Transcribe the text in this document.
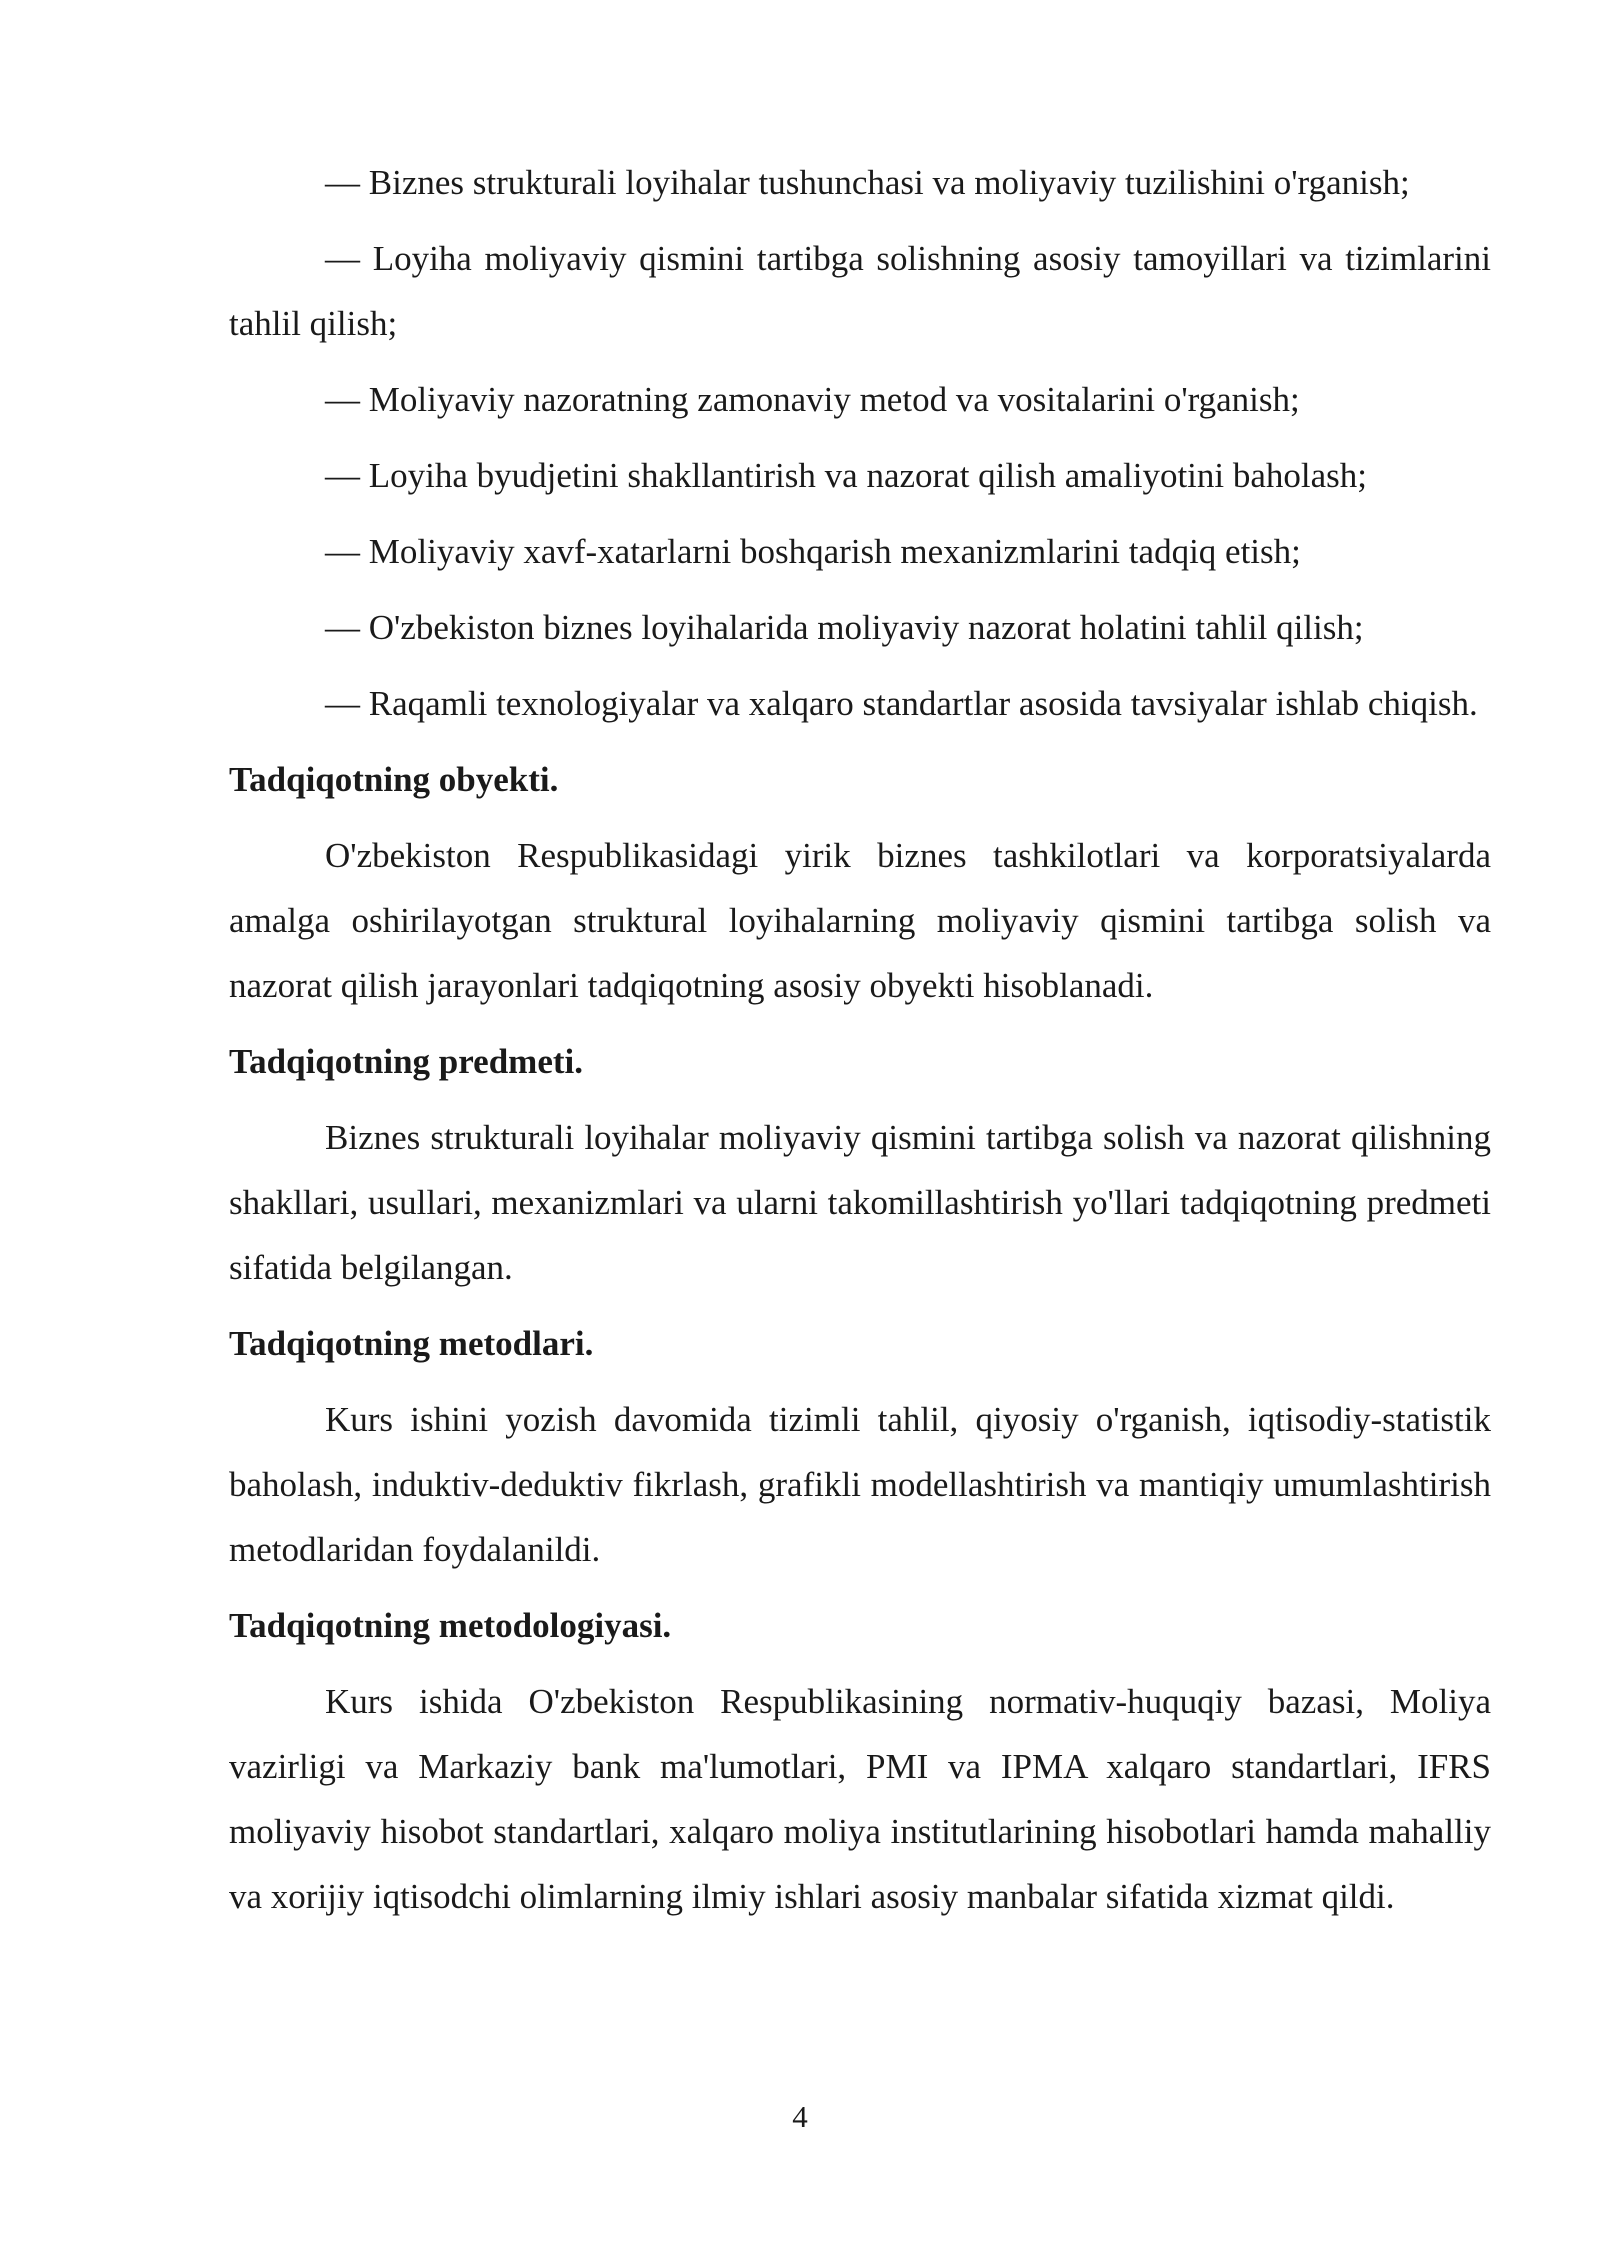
— Biznes strukturali loyihalar tushunchasi va moliyaviy tuzilishini o'rganish;

— Loyiha moliyaviy qismini tartibga solishning asosiy tamoyillari va tizimlarini tahlil qilish;

— Moliyaviy nazoratning zamonaviy metod va vositalarini o'rganish;

— Loyiha byudjetini shakllantirish va nazorat qilish amaliyotini baholash;

— Moliyaviy xavf-xatarlarni boshqarish mexanizmlarini tadqiq etish;

— O'zbekiston biznes loyihalarida moliyaviy nazorat holatini tahlil qilish;

— Raqamli texnologiyalar va xalqaro standartlar asosida tavsiyalar ishlab chiqish.

Tadqiqotning obyekti.

O'zbekiston Respublikasidagi yirik biznes tashkilotlari va korporatsiyalarda amalga oshirilayotgan struktural loyihalarning moliyaviy qismini tartibga solish va nazorat qilish jarayonlari tadqiqotning asosiy obyekti hisoblanadi.

Tadqiqotning predmeti.

Biznes strukturali loyihalar moliyaviy qismini tartibga solish va nazorat qilishning shakllari, usullari, mexanizmlari va ularni takomillashtirish yo'llari tadqiqotning predmeti sifatida belgilangan.

Tadqiqotning metodlari.

Kurs ishini yozish davomida tizimli tahlil, qiyosiy o'rganish, iqtisodiy-statistik baholash, induktiv-deduktiv fikrlash, grafikli modellashtirish va mantiqiy umumlashtirish metodlaridan foydalanildi.

Tadqiqotning metodologiyasi.

Kurs ishida O'zbekiston Respublikasining normativ-huquqiy bazasi, Moliya vazirligi va Markaziy bank ma'lumotlari, PMI va IPMA xalqaro standartlari, IFRS moliyaviy hisobot standartlari, xalqaro moliya institutlarining hisobotlari hamda mahalliy va xorijiy iqtisodchi olimlarning ilmiy ishlari asosiy manbalar sifatida xizmat qildi.

4
